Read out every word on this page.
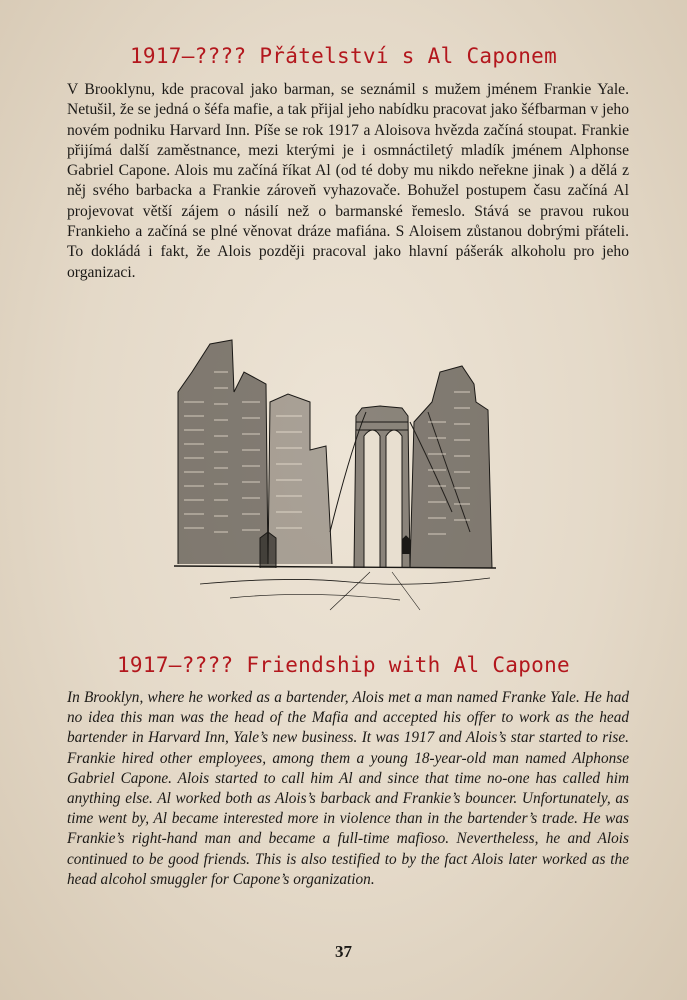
1917–???? Přátelství s Al Caponem

V Brooklynu, kde pracoval jako barman, se seznámil s mužem jménem Frankie Yale. Netušil, že se jedná o šéfa mafie, a tak přijal jeho nabídku pracovat jako šéfbarman v jeho novém podniku Harvard Inn. Píše se rok 1917 a Aloisova hvězda začíná stoupat. Frankie přijímá další zaměstnance, mezi kterými je i osmnáctiletý mladík jménem Alphonse Gabriel Capone. Alois mu začíná říkat Al (od té doby mu nikdo neřekne jinak ) a dělá z něj svého barbacka a Frankie zároveň vyhazovače. Bohužel postupem času začíná Al projevovat větší zájem o násilí než o barmanské řemeslo. Stává se pravou rukou Frankieho a začíná se plné věnovat dráze mafiána. S Aloisem zůstanou dobrými přáteli. To dokládá i fakt, že Alois později pracoval jako hlavní pášerák alkoholu pro jeho organizaci.

1917–???? Friendship with Al Capone

In Brooklyn, where he worked as a bartender, Alois met a man named Franke Yale. He had no idea this man was the head of the Mafia and accepted his offer to work as the head bartender in Harvard Inn, Yale’s new business. It was 1917 and Alois’s star started to rise. Frankie hired other employees, among them a young 18-year-old man named Alphonse Gabriel Capone. Alois started to call him Al and since that time no-one has called him anything else. Al worked both as Alois’s barback and Frankie’s bouncer. Unfortunately, as time went by, Al became interested more in violence than in the bartender’s trade. He was Frankie’s right-hand man and became a full-time mafioso. Nevertheless, he and Alois continued to be good friends. This is also testified to by the fact Alois later worked as the head alcohol smuggler for Capone’s organization.

37
